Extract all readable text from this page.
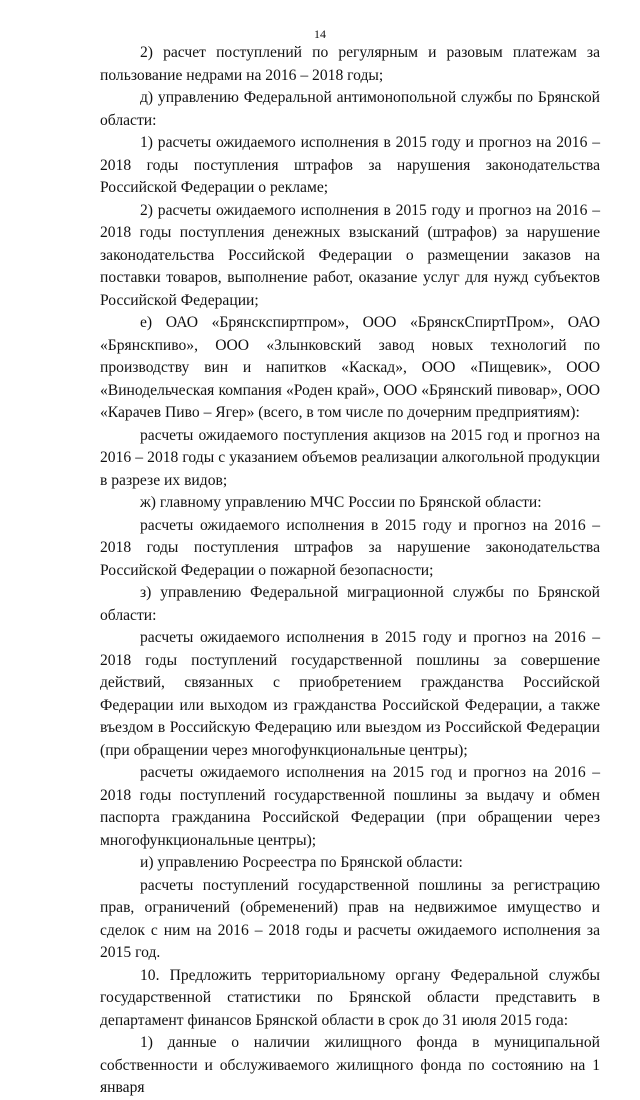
14

2) расчет поступлений по регулярным и разовым платежам за пользование недрами на 2016 – 2018 годы;

д) управлению Федеральной антимонопольной службы по Брянской области:

1) расчеты ожидаемого исполнения в 2015 году и прогноз на 2016 – 2018 годы поступления штрафов за нарушения законодательства Российской Федерации о рекламе;

2) расчеты ожидаемого исполнения в 2015 году и прогноз на 2016 – 2018 годы поступления денежных взысканий (штрафов) за нарушение законодательства Российской Федерации о размещении заказов на поставки товаров, выполнение работ, оказание услуг для нужд субъектов Российской Федерации;

е) ОАО «Брянскспиртпром», ООО «БрянскСпиртПром», ОАО «Брянскпиво», ООО «Злынковский завод новых технологий по производству вин и напитков «Каскад», ООО «Пищевик», ООО «Винодельческая компания «Роден край», ООО «Брянский пивовар», ООО «Карачев Пиво – Ягер» (всего, в том числе по дочерним предприятиям):

расчеты ожидаемого поступления акцизов на 2015 год и прогноз на 2016 – 2018 годы с указанием объемов реализации алкогольной продукции в разрезе их видов;

ж) главному управлению МЧС России по Брянской области:

расчеты ожидаемого исполнения в 2015 году и прогноз на 2016 – 2018 годы поступления штрафов за нарушение законодательства Российской Федерации о пожарной безопасности;

з) управлению Федеральной миграционной службы по Брянской области:

расчеты ожидаемого исполнения в 2015 году и прогноз на 2016 – 2018 годы поступлений государственной пошлины за совершение действий, связанных с приобретением гражданства Российской Федерации или выходом из гражданства Российской Федерации, а также въездом в Российскую Федерацию или выездом из Российской Федерации (при обращении через многофункциональные центры);

расчеты ожидаемого исполнения на 2015 год и прогноз на 2016 – 2018 годы поступлений государственной пошлины за выдачу и обмен паспорта гражданина Российской Федерации (при обращении через многофункциональные центры);

и) управлению Росреестра по Брянской области:

расчеты поступлений государственной пошлины за регистрацию прав, ограничений (обременений) прав на недвижимое имущество и сделок с ним на 2016 – 2018 годы и расчеты ожидаемого исполнения за 2015 год.

10. Предложить территориальному органу Федеральной службы государственной статистики по Брянской области представить в департамент финансов Брянской области в срок до 31 июля 2015 года:

1) данные о наличии жилищного фонда в муниципальной собственности и обслуживаемого жилищного фонда по состоянию на 1 января
